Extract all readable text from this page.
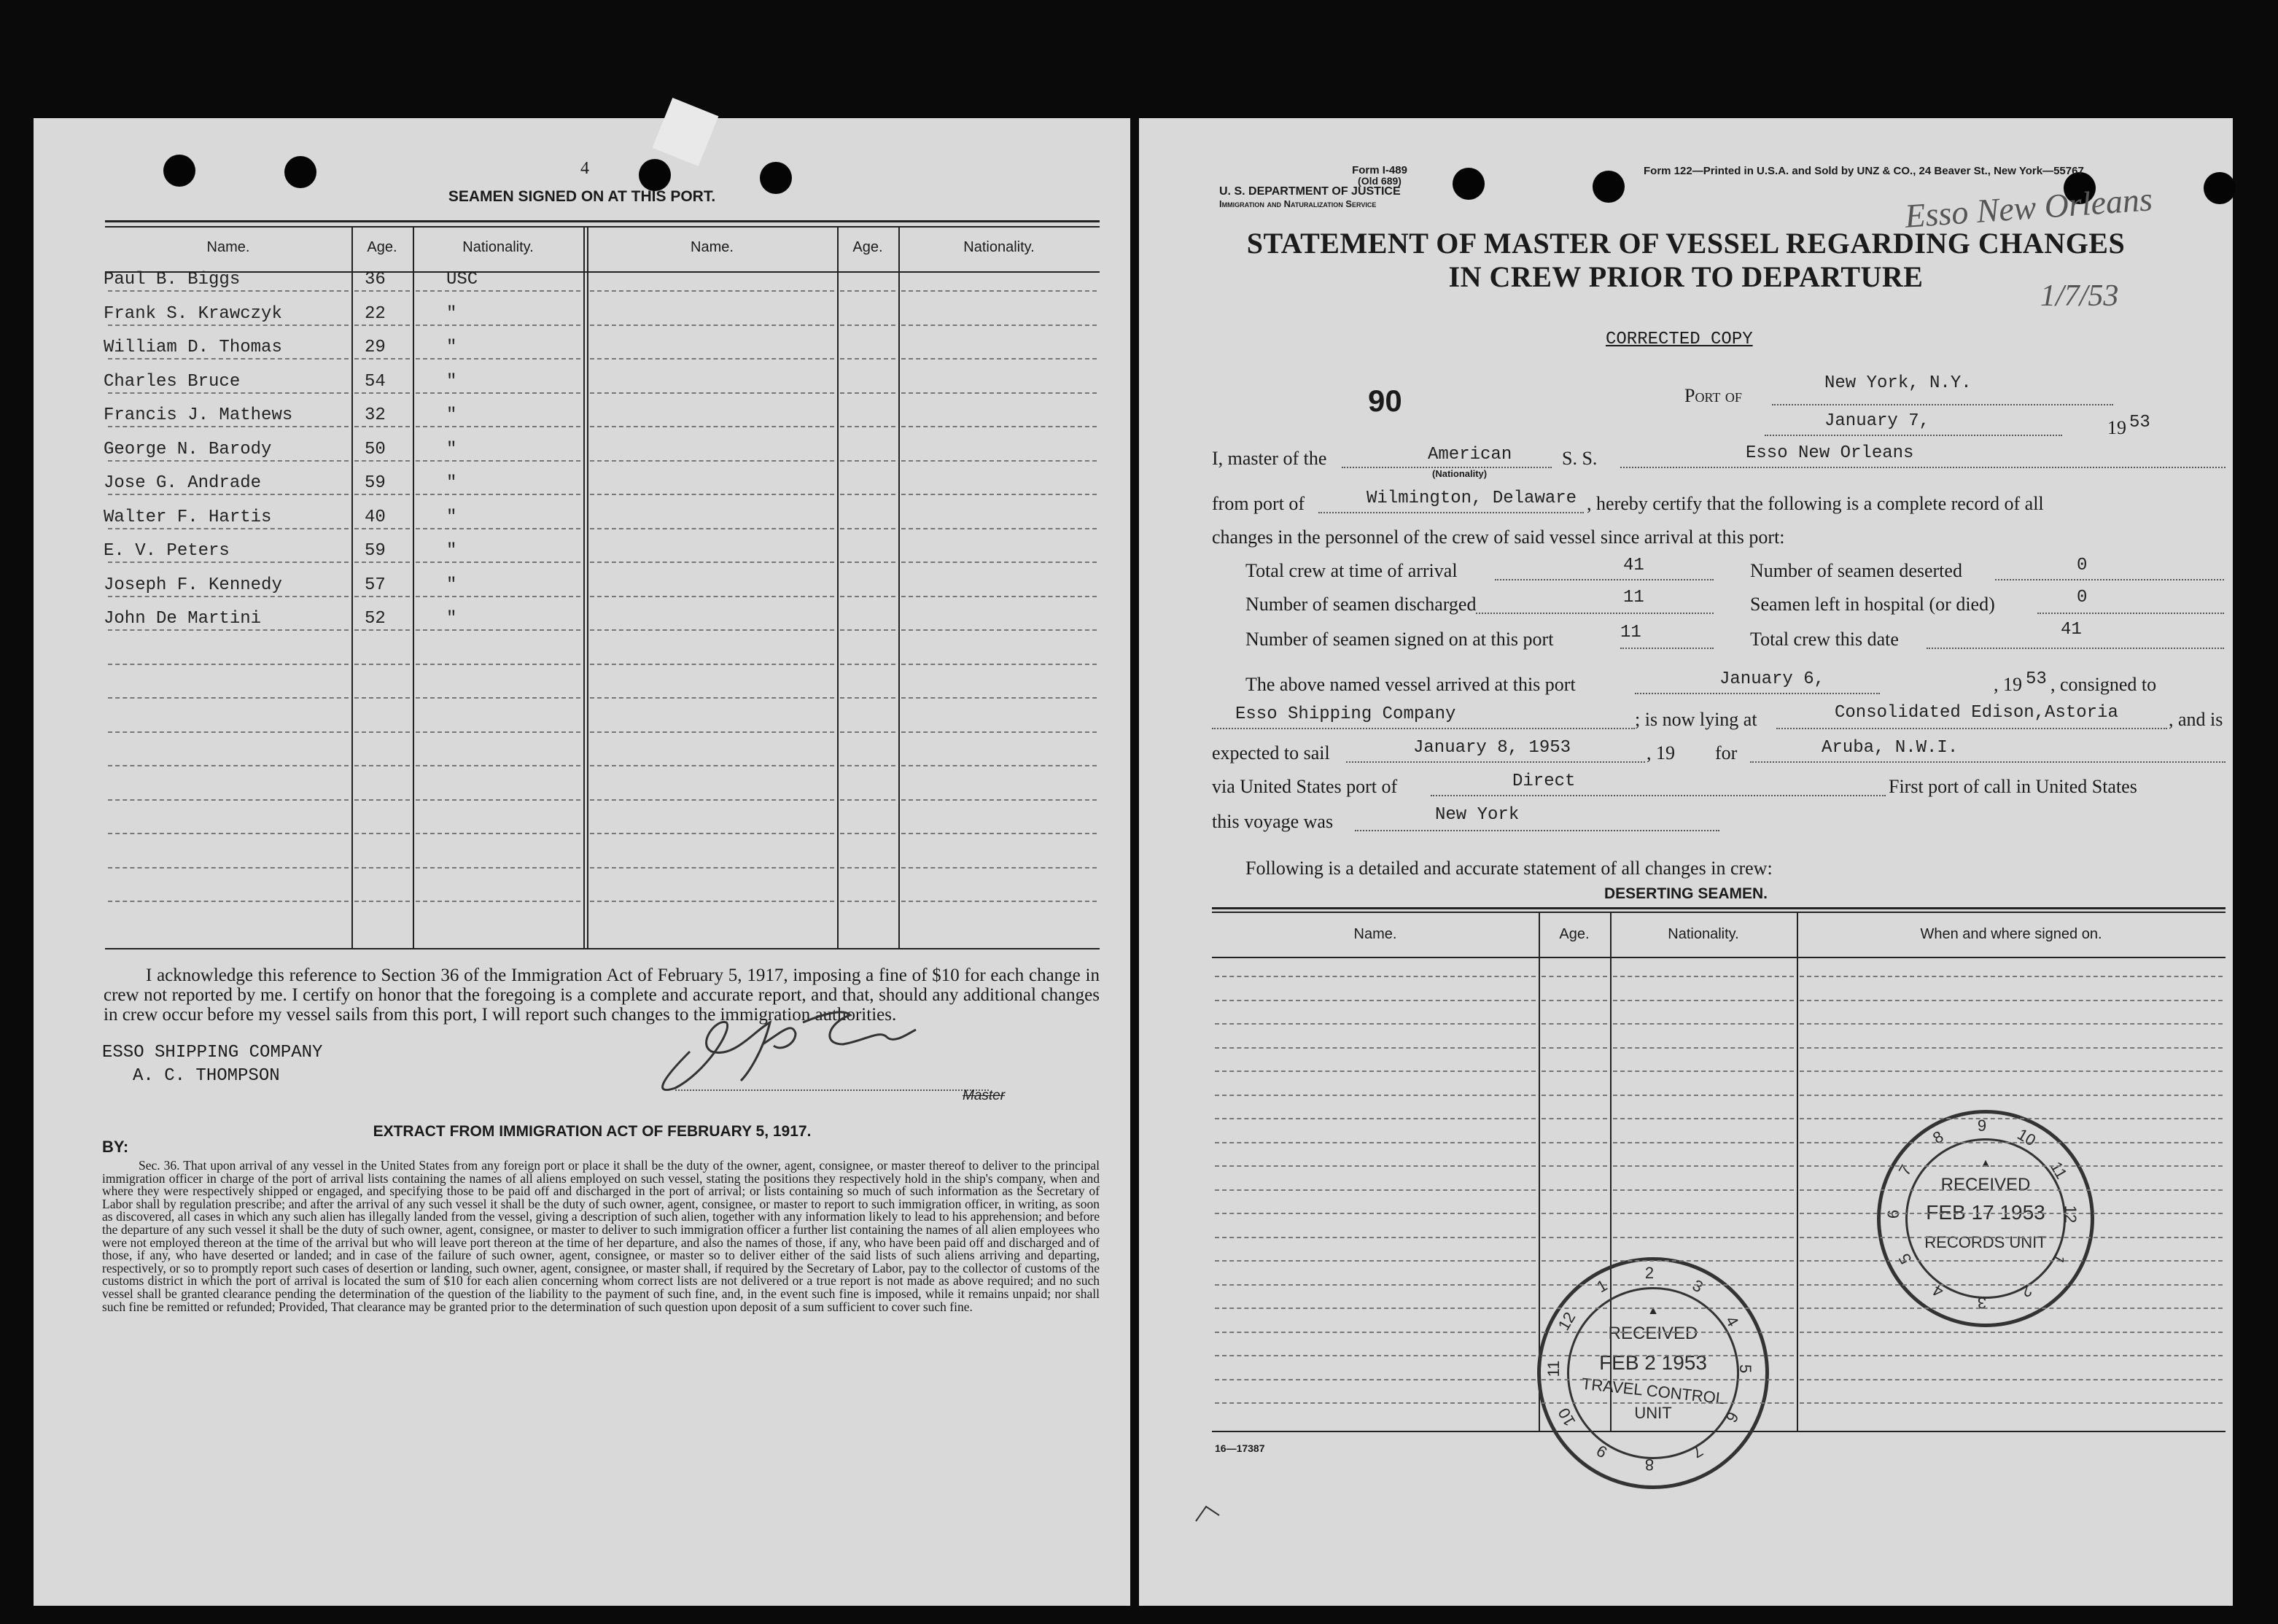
4
SEAMEN SIGNED ON AT THIS PORT.
Name.	Age.	Nationality.	Name.	Age.	Nationality.
Paul B. Biggs	36	USC
Frank S. Krawczyk	22	"
William D. Thomas	29	"
Charles Bruce	54	"
Francis J. Mathews	32	"
George N. Barody	50	"
Jose G. Andrade	59	"
Walter F. Hartis	40	"
E. V. Peters	59	"
Joseph F. Kennedy	57	"
John De Martini	52	"
I acknowledge this reference to Section 36 of the Immigration Act of February 5, 1917, imposing a fine of $10 for each change in crew not reported by me. I certify on honor that the foregoing is a complete and accurate report, and that, should any additional changes in crew occur before my vessel sails from this port, I will report such changes to the immigration authorities.
ESSO SHIPPING COMPANY
A. C. THOMPSON
Master
EXTRACT FROM IMMIGRATION ACT OF FEBRUARY 5, 1917.
BY:
Sec. 36. That upon arrival of any vessel in the United States from any foreign port or place it shall be the duty of the owner, agent, consignee, or master thereof to deliver to the principal immigration officer in charge of the port of arrival lists containing the names of all aliens employed on such vessel, stating the positions they respectively hold in the ship's company, when and where they were respectively shipped or engaged, and specifying those to be paid off and discharged in the port of arrival; or lists containing so much of such information as the Secretary of Labor shall by regulation prescribe; and after the arrival of any such vessel it shall be the duty of such owner, agent, consignee, or master to report to such immigration officer, in writing, as soon as discovered, all cases in which any such alien has illegally landed from the vessel, giving a description of such alien, together with any information likely to lead to his apprehension; and before the departure of any such vessel it shall be the duty of such owner, agent, consignee, or master to deliver to such immigration officer a further list containing the names of all alien employees who were not employed thereon at the time of the arrival but who will leave port thereon at the time of her departure, and also the names of those, if any, who have been paid off and discharged and of those, if any, who have deserted or landed; and in case of the failure of such owner, agent, consignee, or master so to deliver either of the said lists of such aliens arriving and departing, respectively, or so to promptly report such cases of desertion or landing, such owner, agent, consignee, or master shall, if required by the Secretary of Labor, pay to the collector of customs of the customs district in which the port of arrival is located the sum of $10 for each alien concerning whom correct lists are not delivered or a true report is not made as above required; and no such vessel shall be granted clearance pending the determination of the question of the liability to the payment of such fine, and, in the event such fine is imposed, while it remains unpaid; nor shall such fine be remitted or refunded; Provided, That clearance may be granted prior to the determination of such question upon deposit of a sum sufficient to cover such fine.
Form I-489
(Old 689)
U. S. DEPARTMENT OF JUSTICE
Immigration and Naturalization Service
Form 122—Printed in U.S.A. and Sold by UNZ & CO., 24 Beaver St., New York—55767
Esso New Orleans
1/7/53
STATEMENT OF MASTER OF VESSEL REGARDING CHANGES
IN CREW PRIOR TO DEPARTURE
CORRECTED COPY
90	Port of
New York, N.Y.
January 7,	19 53
I, master of the	American
(Nationality)
S. S.	Esso New Orleans
from port of	Wilmington, Delaware , hereby certify that the following is a complete record of all
changes in the personnel of the crew of said vessel since arrival at this port:
Total crew at time of arrival	41	Number of seamen deserted	0
Number of seamen discharged	11	Seamen left in hospital (or died)	0
Number of seamen signed on at this port	11	Total crew this date	41
The above named vessel arrived at this port	January 6,	, 19 53 , consigned to
Esso Shipping Company	; is now lying at	Consolidated Edison,Astoria	, and is
expected to sail	January 8, 1953	, 19 for	Aruba, N.W.I.
via United States port of	Direct	First port of call in United States
this voyage was	New York
Following is a detailed and accurate statement of all changes in crew:
DESERTING SEAMEN.
Name.	Age.	Nationality.	When and where signed on.
16—17387
▲
RECEIVED
FEB 17 1953
RECORDS UNIT
9	10
11
12
1
2
3
4
5
6
7
8
▲
RECEIVED
FEB 2 1953
TRAVEL CONTROL
UNIT
2
3
4
5
6
7
8
9
10
11
12
1
